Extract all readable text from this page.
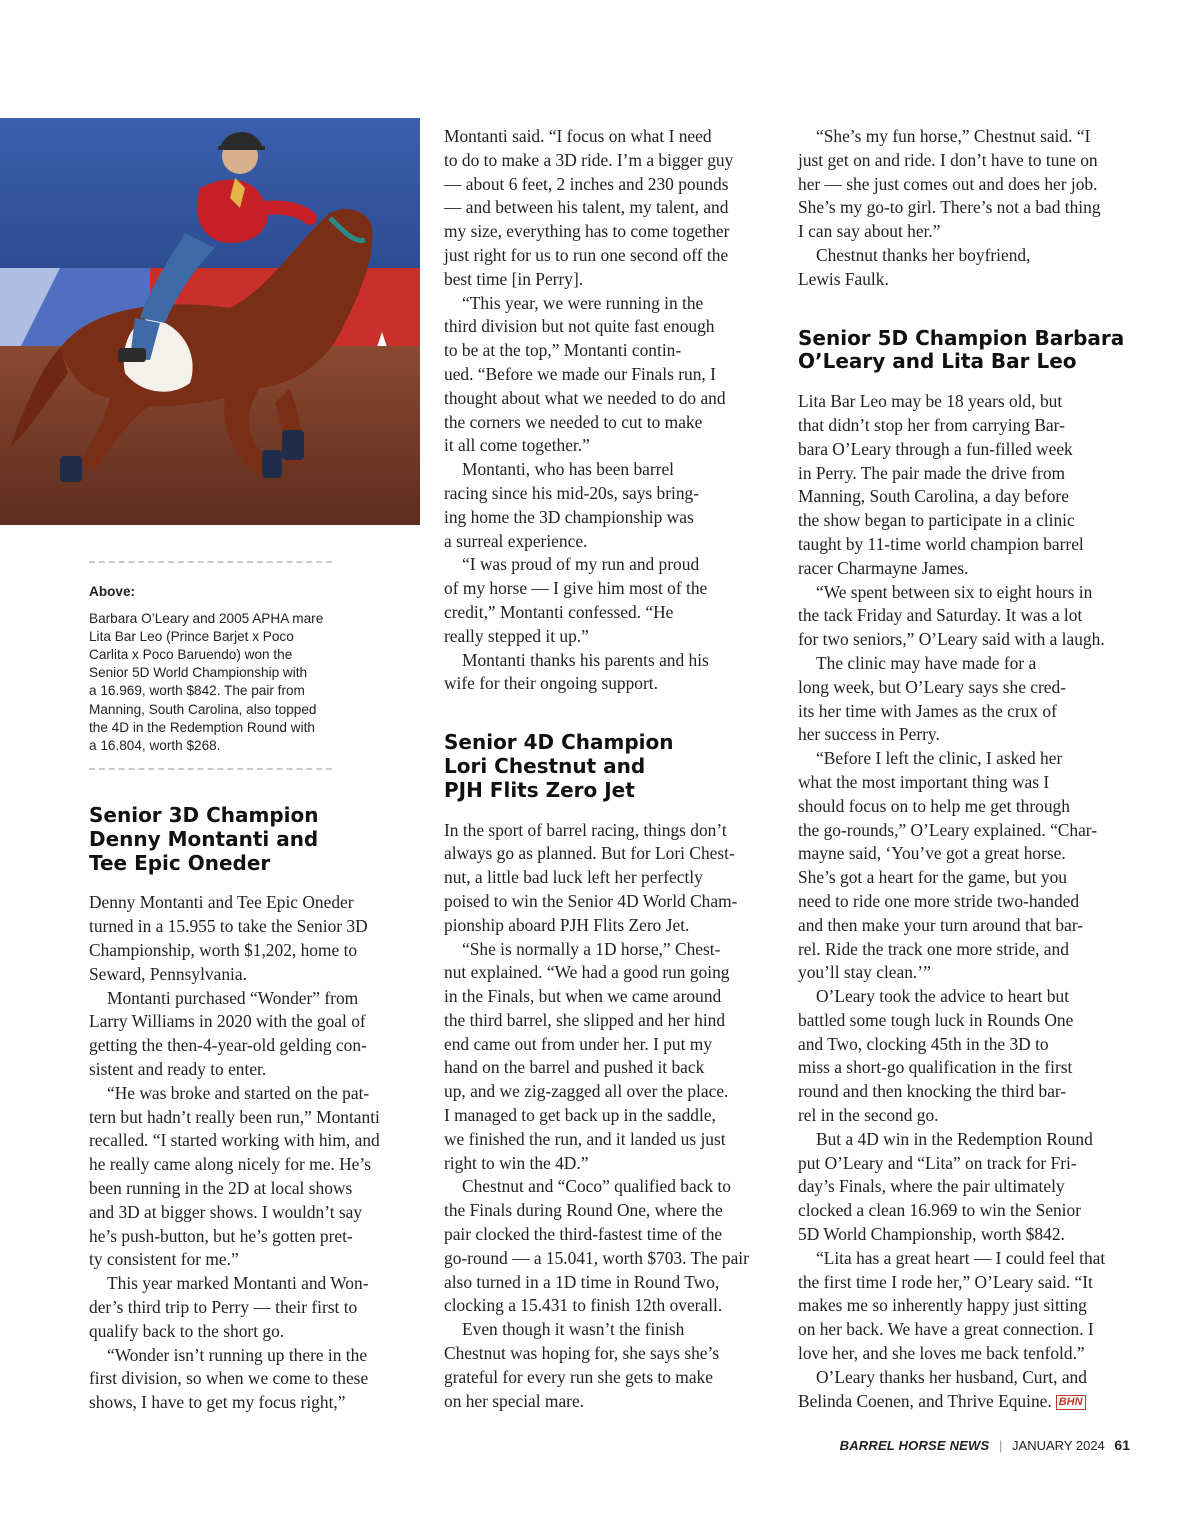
Above:
Barbara O’Leary and 2005 APHA mare
Lita Bar Leo (Prince Barjet x Poco
Carlita x Poco Baruendo) won the
Senior 5D World Championship with
a 16.969, worth $842. The pair from
Manning, South Carolina, also topped
the 4D in the Redemption Round with
a 16.804, worth $268.
Senior 3D Champion
Denny Montanti and
Tee Epic Oneder

Denny Montanti and Tee Epic Oneder
turned in a 15.955 to take the Senior 3D
Championship, worth $1,202, home to
Seward, Pennsylvania.

Montanti purchased “Wonder” from
Larry Williams in 2020 with the goal of
getting the then-4-year-old gelding con-
sistent and ready to enter.

“He was broke and started on the pat-
tern but hadn’t really been run,” Montanti
recalled. “I started working with him, and
he really came along nicely for me. He’s
been running in the 2D at local shows
and 3D at bigger shows. I wouldn’t say
he’s push-button, but he’s gotten pret-
ty consistent for me.”

This year marked Montanti and Won-
der’s third trip to Perry — their first to
qualify back to the short go.

“Wonder isn’t running up there in the
first division, so when we come to these
shows, I have to get my focus right,”

Montanti said. “I focus on what I need
to do to make a 3D ride. I’m a bigger guy
— about 6 feet, 2 inches and 230 pounds
— and between his talent, my talent, and
my size, everything has to come together
just right for us to run one second off the
best time [in Perry].

“This year, we were running in the
third division but not quite fast enough
to be at the top,” Montanti contin-
ued. “Before we made our Finals run, I
thought about what we needed to do and
the corners we needed to cut to make
it all come together.”

Montanti, who has been barrel
racing since his mid-20s, says bring-
ing home the 3D championship was
a surreal experience.

“I was proud of my run and proud
of my horse — I give him most of the
credit,” Montanti confessed. “He
really stepped it up.”

Montanti thanks his parents and his
wife for their ongoing support.

Senior 4D Champion
Lori Chestnut and
PJH Flits Zero Jet

In the sport of barrel racing, things don’t
always go as planned. But for Lori Chest-
nut, a little bad luck left her perfectly
poised to win the Senior 4D World Cham-
pionship aboard PJH Flits Zero Jet.

“She is normally a 1D horse,” Chest-
nut explained. “We had a good run going
in the Finals, but when we came around
the third barrel, she slipped and her hind
end came out from under her. I put my
hand on the barrel and pushed it back
up, and we zig-zagged all over the place.
I managed to get back up in the saddle,
we finished the run, and it landed us just
right to win the 4D.”

Chestnut and “Coco” qualified back to
the Finals during Round One, where the
pair clocked the third-fastest time of the
go-round — a 15.041, worth $703. The pair
also turned in a 1D time in Round Two,
clocking a 15.431 to finish 12th overall.

Even though it wasn’t the finish
Chestnut was hoping for, she says she’s
grateful for every run she gets to make
on her special mare.

“She’s my fun horse,” Chestnut said. “I
just get on and ride. I don’t have to tune on
her — she just comes out and does her job.
She’s my go-to girl. There’s not a bad thing
I can say about her.”

Chestnut thanks her boyfriend,
Lewis Faulk.

Senior 5D Champion Barbara
O’Leary and Lita Bar Leo

Lita Bar Leo may be 18 years old, but
that didn’t stop her from carrying Bar-
bara O’Leary through a fun-filled week
in Perry. The pair made the drive from
Manning, South Carolina, a day before
the show began to participate in a clinic
taught by 11-time world champion barrel
racer Charmayne James.

“We spent between six to eight hours in
the tack Friday and Saturday. It was a lot
for two seniors,” O’Leary said with a laugh.

The clinic may have made for a
long week, but O’Leary says she cred-
its her time with James as the crux of
her success in Perry.

“Before I left the clinic, I asked her
what the most important thing was I
should focus on to help me get through
the go-rounds,” O’Leary explained. “Char-
mayne said, ‘You’ve got a great horse.
She’s got a heart for the game, but you
need to ride one more stride two-handed
and then make your turn around that bar-
rel. Ride the track one more stride, and
you’ll stay clean.’”

O’Leary took the advice to heart but
battled some tough luck in Rounds One
and Two, clocking 45th in the 3D to
miss a short-go qualification in the first
round and then knocking the third bar-
rel in the second go.

But a 4D win in the Redemption Round
put O’Leary and “Lita” on track for Fri-
day’s Finals, where the pair ultimately
clocked a clean 16.969 to win the Senior
5D World Championship, worth $842.

“Lita has a great heart — I could feel that
the first time I rode her,” O’Leary said. “It
makes me so inherently happy just sitting
on her back. We have a great connection. I
love her, and she loves me back tenfold.”

O’Leary thanks her husband, Curt, and
Belinda Coenen, and Thrive Equine. BHN

BARREL HORSE NEWS | JANUARY 2024 61
